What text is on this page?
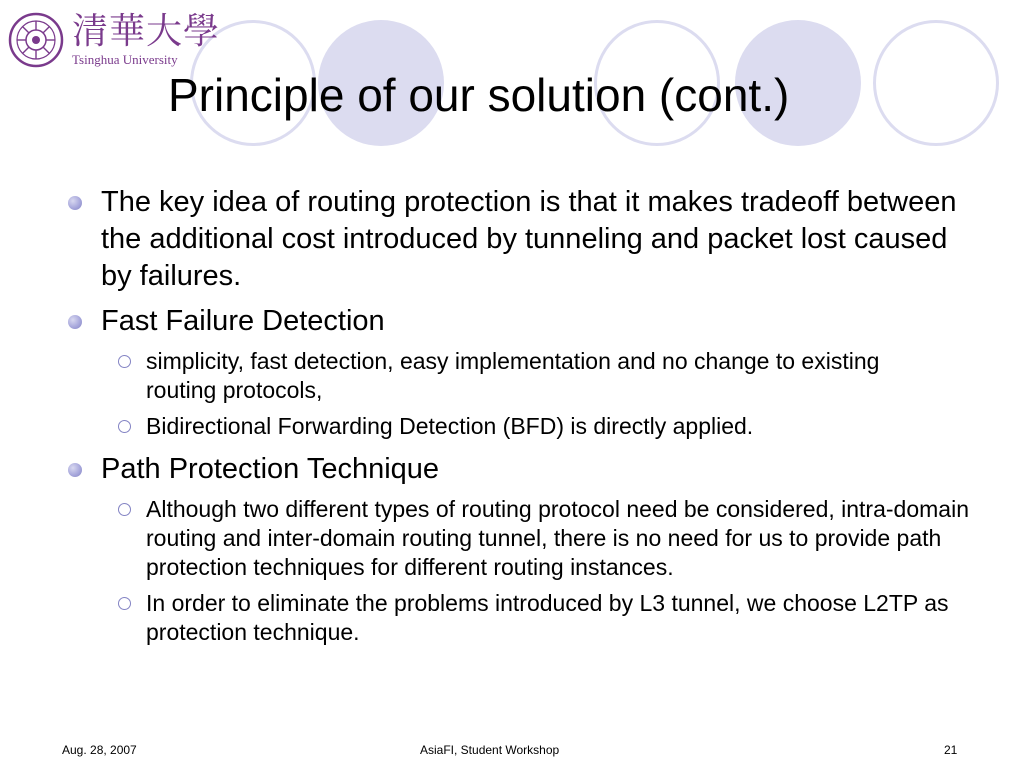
清華大學
Tsinghua University
Principle of our solution (cont.)
The key idea of routing protection is that it makes tradeoff between the additional cost introduced by tunneling and packet lost caused by failures.
Fast Failure Detection
simplicity, fast detection, easy implementation and no change to existing routing protocols,
Bidirectional Forwarding Detection (BFD) is directly applied.
Path Protection Technique
Although two different types of routing protocol need be considered, intra-domain routing and inter-domain routing tunnel, there is no need for us to provide path protection techniques for different routing instances.
In order to eliminate the problems introduced by L3 tunnel, we choose L2TP as protection technique.
Aug. 28, 2007	AsiaFI, Student Workshop	21
